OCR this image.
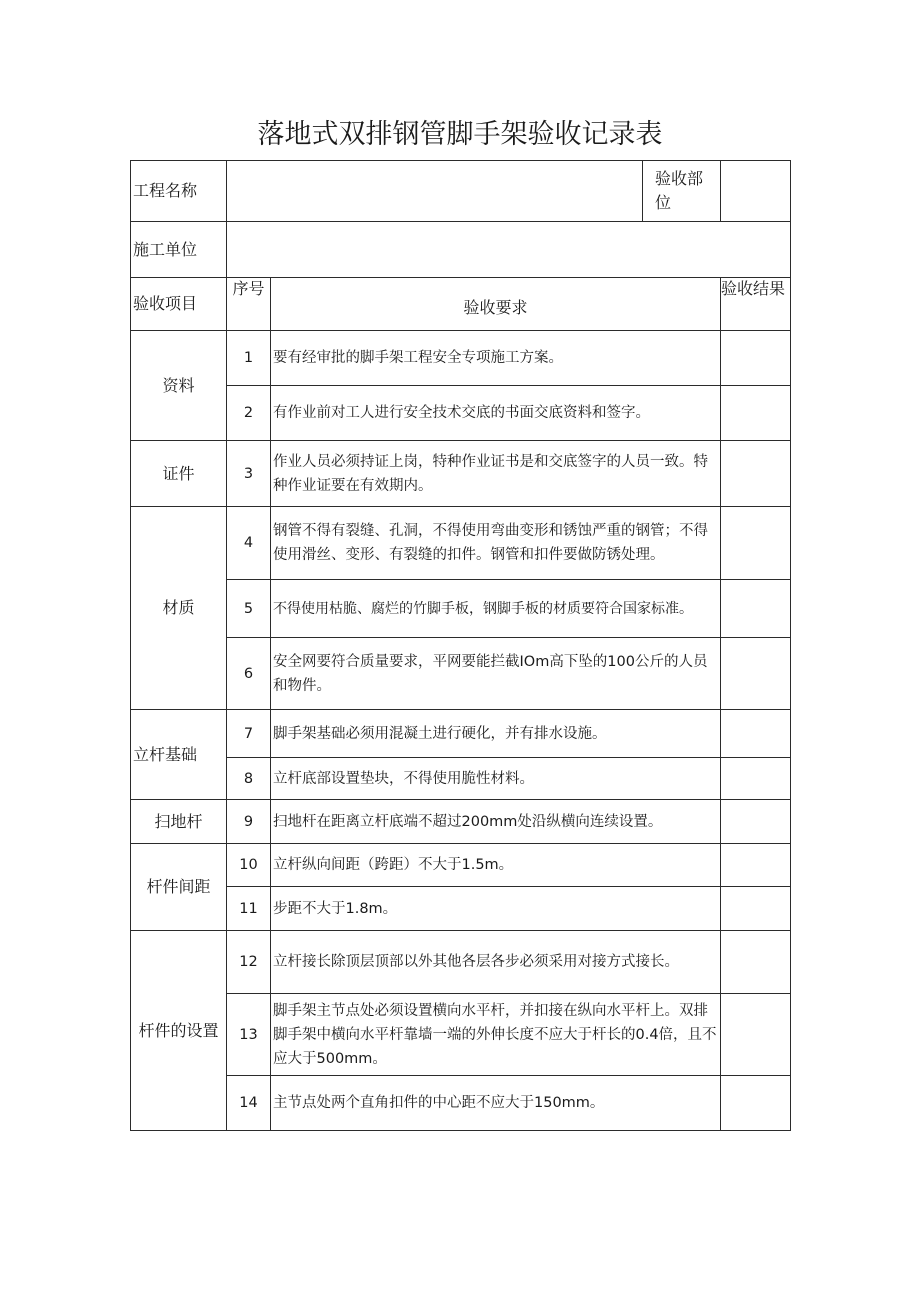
落地式双排钢管脚手架验收记录表
工程名称			验收部位	
施工单位				
验收项目	序号	验收要求		验收结果
资料	1	要有经审批的脚手架工程安全专项施工方案。		
	2	有作业前对工人进行安全技术交底的书面交底资料和签字。		
证件	3	作业人员必须持证上岗，特种作业证书是和交底签字的人员一致。特种作业证要在有效期内。		
材质	4	钢管不得有裂缝、孔洞，不得使用弯曲变形和锈蚀严重的钢管；不得使用滑丝、变形、有裂缝的扣件。钢管和扣件要做防锈处理。		
	5	不得使用枯脆、腐烂的竹脚手板，钢脚手板的材质要符合国家标准。		
	6	安全网要符合质量要求，平网要能拦截IOm高下坠的100公斤的人员和物件。		
立杆基础	7	脚手架基础必须用混凝土进行硬化，并有排水设施。		
	8	立杆底部设置垫块，不得使用脆性材料。		
扫地杆	9	扫地杆在距离立杆底端不超过200mm处沿纵横向连续设置。		
杆件间距	10	立杆纵向间距（跨距）不大于1.5m。		
	11	步距不大于1.8m。		
杆件的设置	12	立杆接长除顶层顶部以外其他各层各步必须采用对接方式接长。		
	13	脚手架主节点处必须设置横向水平杆，并扣接在纵向水平杆上。双排脚手架中横向水平杆靠墙一端的外伸长度不应大于杆长的0.4倍，且不应大于500mm。		
	14	主节点处两个直角扣件的中心距不应大于150mm。		
